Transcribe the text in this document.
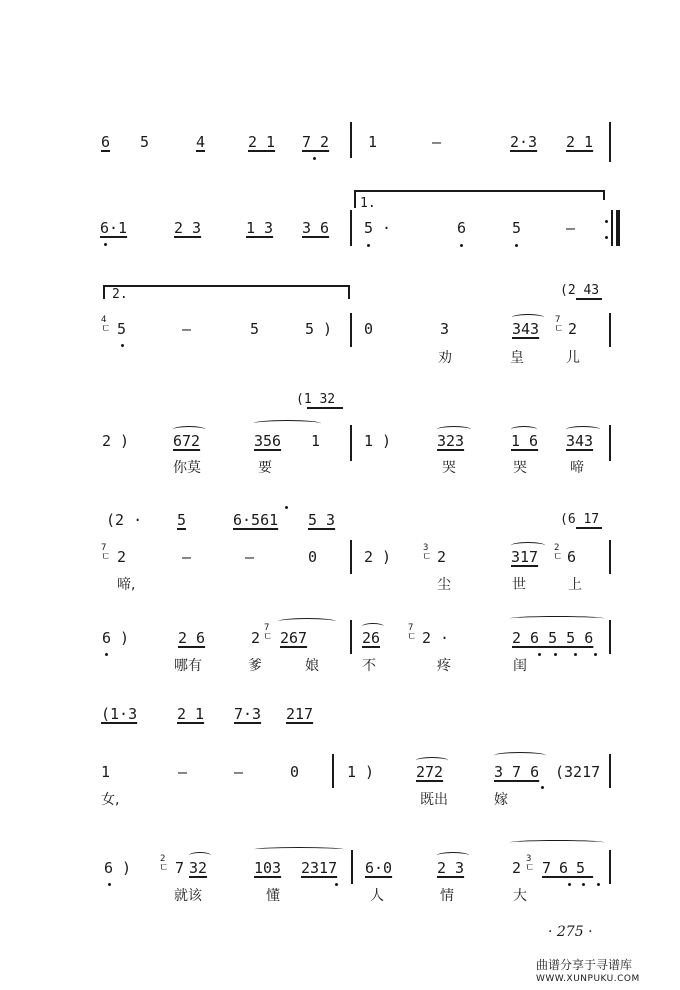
6 5	4	2 1 7 2	1	—	2·3 2 1
1.
6·1	2 3	1 3 3 6 5 ·	6	5	—
2.	(2 43
4
ㄷ 5	—	5	5 ) 0	3	343 7
ㄷ 2
劝	皇	儿
(1 32
2 )	672	356 1	1 )	323	1 6 343
你莫	要	哭	哭	啼
(2 · 5	6·561 5 3	(6 17
7
ㄷ 2	—	—	0	2 )	3
ㄷ 2	317 2
ㄷ 6
啼,	尘	世	上
6 )	2 6	2
7
ㄷ 267	26
7
ㄷ 2 ·	2 6 5 5 6
哪有	爹	娘	不	疼	闺
(1·3	2 1 7·3 217
1	—	—	0	1 )	272	3 7 6 (3217
女,	既出	嫁
6 )	2
ㄷ 7 32	103 2317 6·0	2 3	2 3
ㄷ 765
就该	懂	人	情	大
· 275 ·
曲谱分享于寻谱库
WWW.XUNPUKU.COM
